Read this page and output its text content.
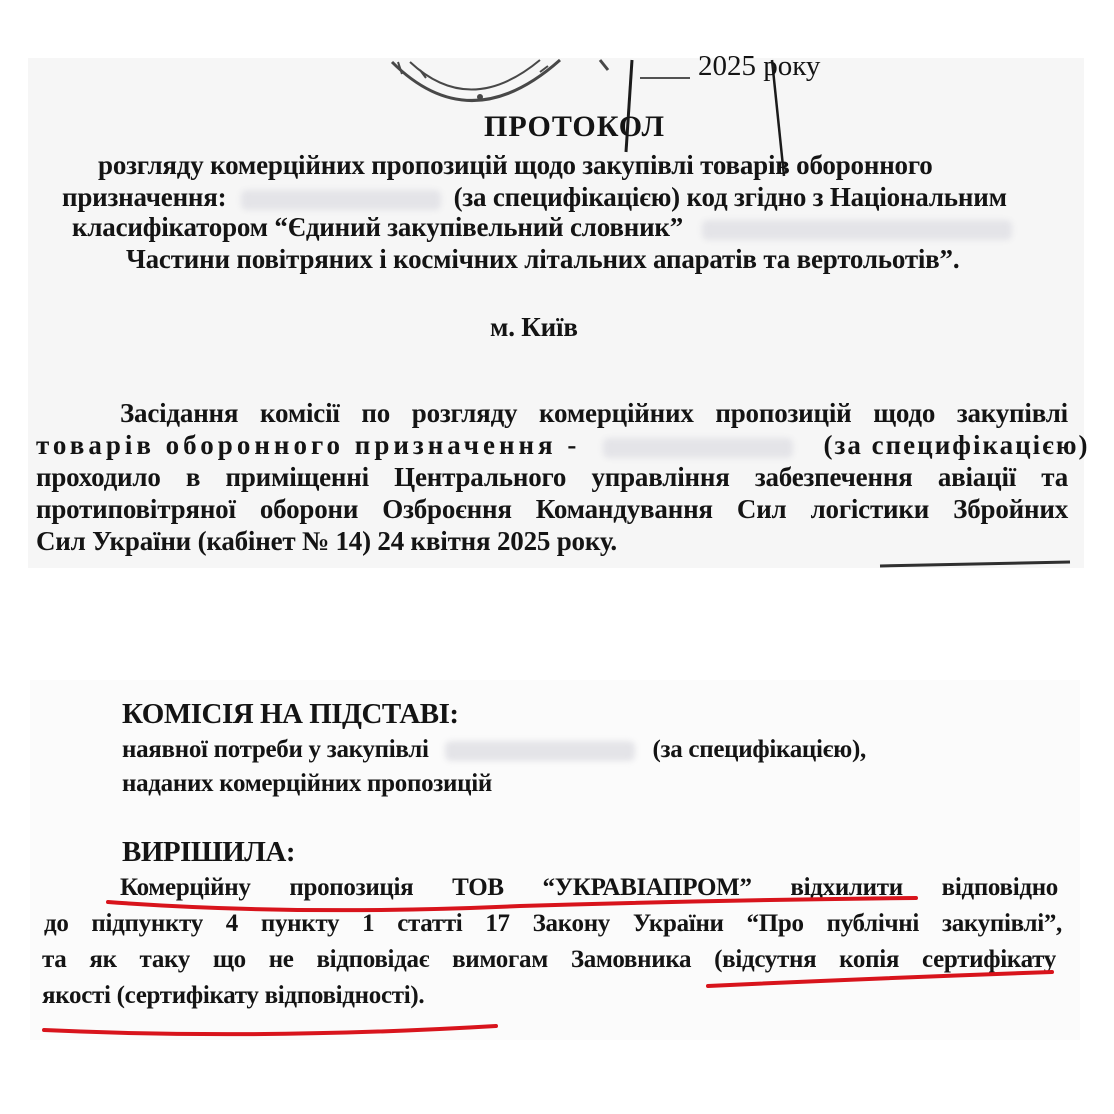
2025 року
ПРОТОКОЛ
розгляду комерційних пропозицій щодо закупівлі товарів оборонного
призначення:	(за специфікацією) код згідно з Національним
класифікатором “Єдиний закупівельний словник”
Частини повітряних і космічних літальних апаратів та вертольотів”.
м. Київ
Засідання комісії по розгляду комерційних пропозицій щодо закупівлі
товарів оборонного призначення -	(за специфікацією)
проходило в приміщенні Центрального управління забезпечення авіації та
протиповітряної оборони Озброєння Командування Сил логістики Збройних
Сил України (кабінет № 14) 24 квітня 2025 року.
КОМІСІЯ НА ПІДСТАВІ:
наявної потреби у закупівлі	(за специфікацією),
наданих комерційних пропозицій
ВИРІШИЛА:
Комерційну пропозиція ТОВ “УКРАВІАПРОМ” відхилити відповідно
до підпункту 4 пункту 1 статті 17 Закону України “Про публічні закупівлі”,
та як таку що не відповідає вимогам Замовника (відсутня копія сертифікату
якості (сертифікату відповідності).
